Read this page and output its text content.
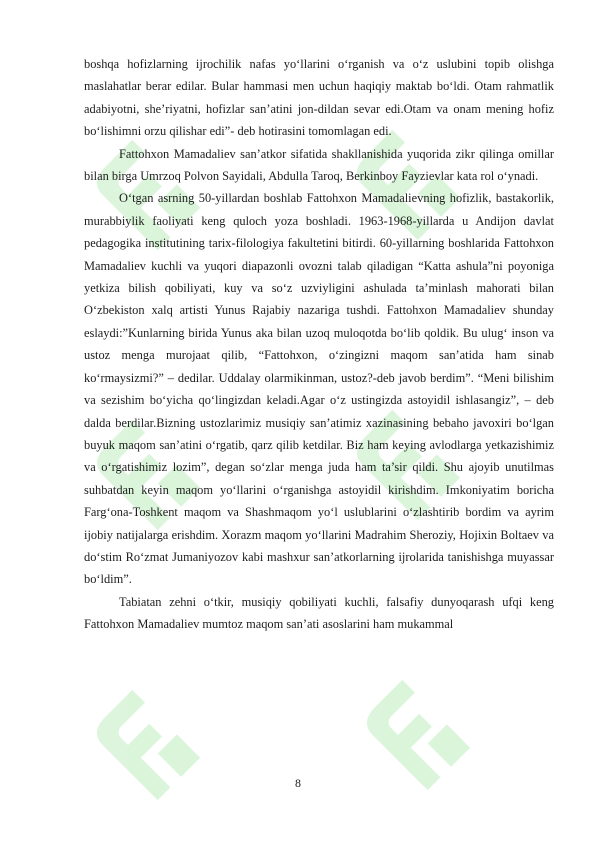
boshqa hofizlarning ijrochilik nafas yo‘llarini o‘rganish va o‘z uslubini topib olishga maslahatlar berar edilar. Bular hammasi men uchun haqiqiy maktab bo‘ldi. Otam rahmatlik adabiyotni, she’riyatni, hofizlar san’atini jon-dildan sevar edi.Otam va onam mening hofiz bo‘lishimni orzu qilishar edi”- deb hotirasini tomomlagan edi.

Fattohxon Mamadaliev san’atkor sifatida shakllanishida yuqorida zikr qilinga omillar bilan birga Umrzoq Polvon Sayidali, Abdulla Taroq, Berkinboy Fayzievlar kata rol o‘ynadi.

O‘tgan asrning 50-yillardan boshlab Fattohxon Mamadalievning hofizlik, bastakorlik, murabbiylik faoliyati keng quloch yoza boshladi. 1963-1968-yillarda u Andijon davlat pedagogika institutining tarix-filologiya fakultetini bitirdi. 60-yillarning boshlarida Fattohxon Mamadaliev kuchli va yuqori diapazonli ovozni talab qiladigan “Katta ashula”ni poyoniga yetkiza bilish qobiliyati, kuy va so‘z uzviyligini ashulada ta’minlash mahorati bilan O‘zbekiston xalq artisti Yunus Rajabiy nazariga tushdi. Fattohxon Mamadaliev shunday eslaydi:”Kunlarning birida Yunus aka bilan uzoq muloqotda bo‘lib qoldik. Bu ulug‘ inson va ustoz menga murojaat qilib, “Fattohxon, o‘zingizni maqom san’atida ham sinab ko‘rmaysizmi?” – dedilar. Uddalay olarmikinman, ustoz?-deb javob berdim”. “Meni bilishim va sezishim bo‘yicha qo‘lingizdan keladi.Agar o‘z ustingizda astoyidil ishlasangiz”, – deb dalda berdilar.Bizning ustozlarimiz musiqiy san’atimiz xazinasining bebaho javoxiri bo‘lgan buyuk maqom san’atini o‘rgatib, qarz qilib ketdilar. Biz ham keying avlodlarga yetkazishimiz va o‘rgatishimiz lozim”, degan so‘zlar menga juda ham ta’sir qildi. Shu ajoyib unutilmas suhbatdan keyin maqom yo‘llarini o‘rganishga astoyidil kirishdim. Imkoniyatim boricha Farg‘ona-Toshkent maqom va Shashmaqom yo‘l uslublarini o‘zlashtirib bordim va ayrim ijobiy natijalarga erishdim. Xorazm maqom yo‘llarini Madrahim Sheroziy, Hojixin Boltaev va do‘stim Ro‘zmat Jumaniyozov kabi mashxur san’atkorlarning ijrolarida tanishishga muyassar bo‘ldim”.

Tabiatan zehni o‘tkir, musiqiy qobiliyati kuchli, falsafiy dunyoqarash ufqi keng Fattohxon Mamadaliev mumtoz maqom san’ati asoslarini ham mukammal

8
